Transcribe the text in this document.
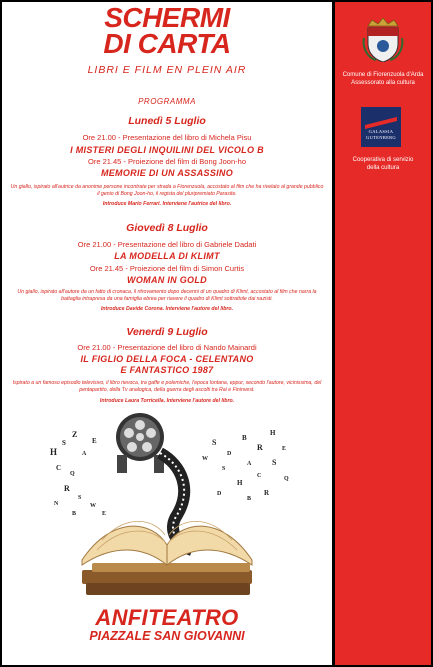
SCHERMI

DI CARTA

LIBRI E FILM EN PLEIN AIR

PROGRAMMA

Lunedì 5 Luglio

Ore 21.00 - Presentazione del libro di Michela Pisu

I MISTERI DEGLI INQUILINI DEL VICOLO B

Ore 21.45 - Proiezione del film di Bong Joon-ho

MEMORIE DI UN ASSASSINO

Un giallo, ispirato all'autrice da anonime persone incontrate per strada a Fiorenzuola, accostato al film che ha rivelato al grande pubblico il genio di Bong Joon-ho, il regista del pluripremiato Parasite.

Introduce Mario Ferrari. Interviene l'autrice del libro.

Giovedì 8 Luglio

Ore 21.00 - Presentazione del libro di Gabriele Dadati

LA MODELLA DI KLIMT

Ore 21.45 - Proiezione del film di Simon Curtis

WOMAN IN GOLD

Un giallo, ispirato all'autore da un fatto di cronaca, il ritrovamento dopo decenni di un quadro di Klimt, accostato al film che narra la battaglia intrapresa da una famiglia ebrea per riavere il quadro di Klimt sottrattole dai nazisti.

Introduce Davide Corona. Interviene l'autore del libro.

Venerdì 9 Luglio

Ore 21.00 - Presentazione del libro di Nando Mainardi

IL FIGLIO DELLA FOCA - CELENTANO

E FANTASTICO 1987

Ispirato a un famoso episodio televisivo, il libro rievoca, tra gaffe e polemiche, l'epoca lontana, eppur, secondo l'autore, vicinissima, del pentapartito, della Tv analogica, della guerra degli ascolti tra Rai e Fininvest.

Introduce Laura Torricella. Interviene l'autore del libro.

H
S
Z
A
C
Q
E
R
S
W
E
N
B
S
D
B
R
H
E
S
C
A
H
S
R
B
Q
W
D

ANFITEATRO

PIAZZALE SAN GIOVANNI

Comune di Fiorenzuola d'Arda
Assessorato alla cultura
GALASSIA
GUTENBERG
Cooperativa di servizio
della cultura
